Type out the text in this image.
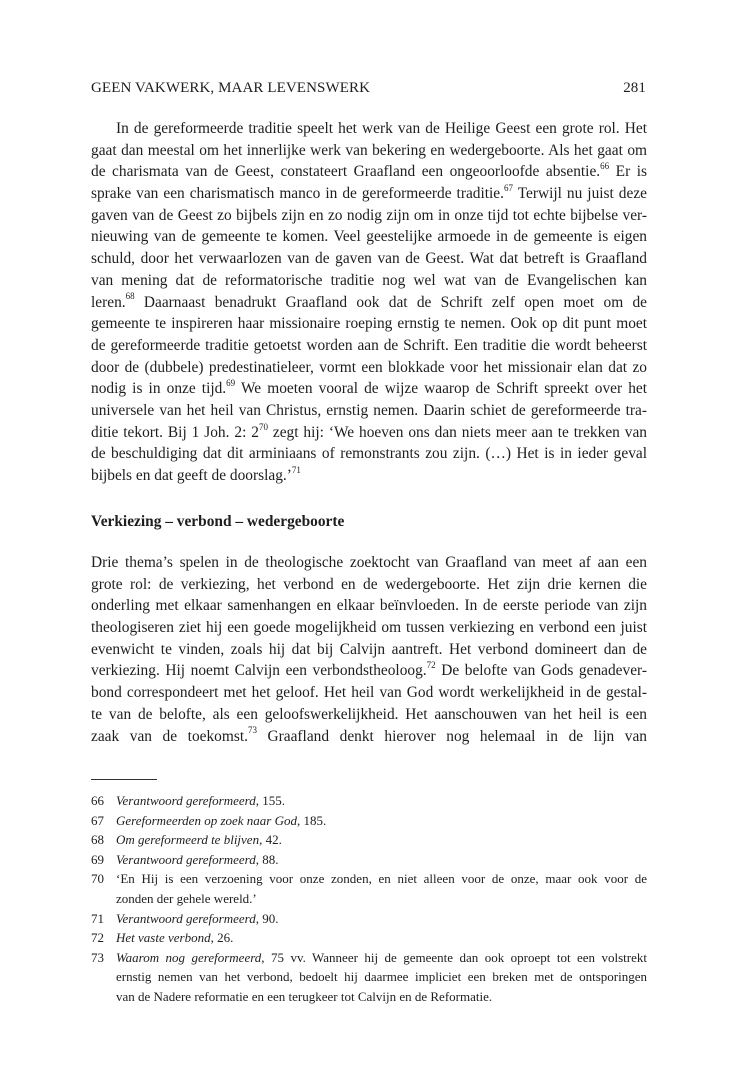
GEEN VAKWERK, MAAR LEVENSWERK	281
In de gereformeerde traditie speelt het werk van de Heilige Geest een grote rol. Het
gaat dan meestal om het innerlijke werk van bekering en wedergeboorte. Als het gaat om
de charismata van de Geest, constateert Graafland een ongeoorloofde absentie.$^{66}$ Er is
sprake van een charismatisch manco in de gereformeerde traditie.$^{67}$ Terwijl nu juist deze
gaven van de Geest zo bijbels zijn en zo nodig zijn om in onze tijd tot echte bijbelse ver-
nieuwing van de gemeente te komen. Veel geestelijke armoede in de gemeente is eigen
schuld, door het verwaarlozen van de gaven van de Geest. Wat dat betreft is Graafland
van mening dat de reformatorische traditie nog wel wat van de Evangelischen kan
leren.$^{68}$ Daarnaast benadrukt Graafland ook dat de Schrift zelf open moet om de
gemeente te inspireren haar missionaire roeping ernstig te nemen. Ook op dit punt moet
de gereformeerde traditie getoetst worden aan de Schrift. Een traditie die wordt beheerst
door de (dubbele) predestinatieleer, vormt een blokkade voor het missionair elan dat zo
nodig is in onze tijd.$^{69}$ We moeten vooral de wijze waarop de Schrift spreekt over het
universele van het heil van Christus, ernstig nemen. Daarin schiet de gereformeerde tra-
ditie tekort. Bij 1 Joh. 2: $2^{70}$ zegt hij: ‘We hoeven ons dan niets meer aan te trekken van
de beschuldiging dat dit arminiaans of remonstrants zou zijn. (…) Het is in ieder geval
bijbels en dat geeft de doorslag.’$^{71}$
Verkiezing – verbond – wedergeboorte
Drie thema’s spelen in de theologische zoektocht van Graafland van meet af aan een
grote rol: de verkiezing, het verbond en de wedergeboorte. Het zijn drie kernen die
onderling met elkaar samenhangen en elkaar beïnvloeden. In de eerste periode van zijn
theologiseren ziet hij een goede mogelijkheid om tussen verkiezing en verbond een juist
evenwicht te vinden, zoals hij dat bij Calvijn aantreft. Het verbond domineert dan de
verkiezing. Hij noemt Calvijn een verbondstheoloog.$^{72}$ De belofte van Gods genadever-
bond correspondeert met het geloof. Het heil van God wordt werkelijkheid in de gestal-
te van de belofte, als een geloofswerkelijkheid. Het aanschouwen van het heil is een
zaak van de toekomst.$^{73}$ Graafland denkt hierover nog helemaal in de lijn van
66 Verantwoord gereformeerd, 155.
67 Gereformeerden op zoek naar God, 185.
68 Om gereformeerd te blijven, 42.
69 Verantwoord gereformeerd, 88.
70 ‘En Hij is een verzoening voor onze zonden, en niet alleen voor de onze, maar ook voor de
zonden der gehele wereld.’
71 Verantwoord gereformeerd, 90.
72 Het vaste verbond, 26.
73 Waarom nog gereformeerd, 75 vv. Wanneer hij de gemeente dan ook oproept tot een volstrekt
ernstig nemen van het verbond, bedoelt hij daarmee impliciet een breken met de ontsporingen
van de Nadere reformatie en een terugkeer tot Calvijn en de Reformatie.
